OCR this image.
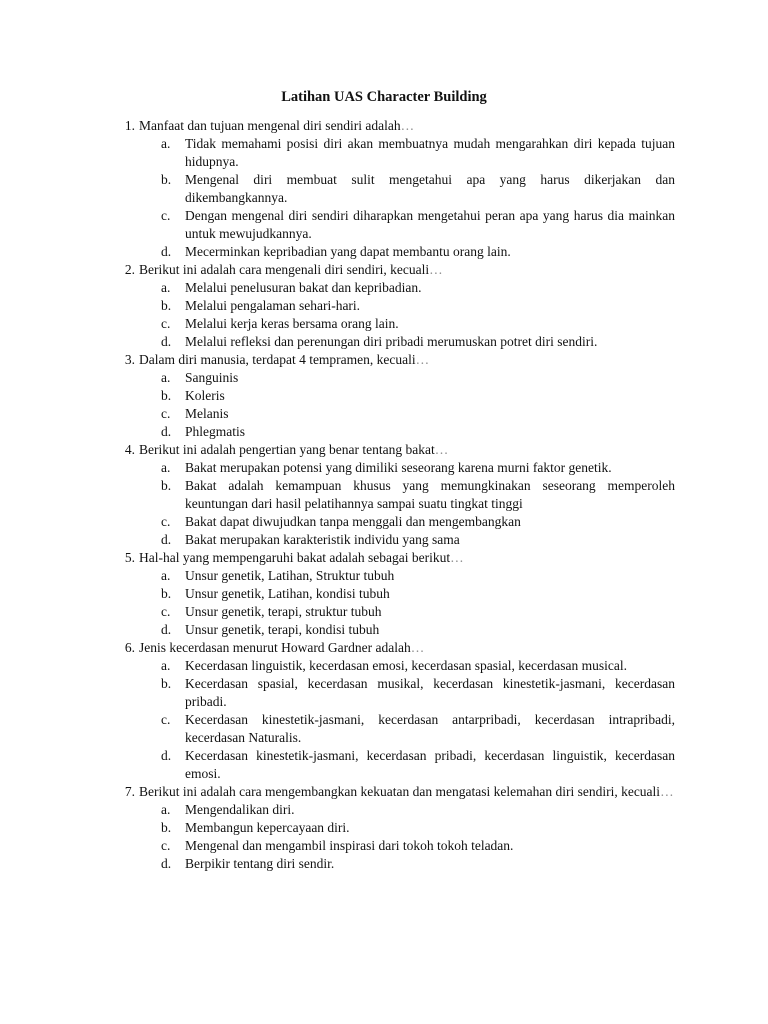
Latihan UAS Character Building
1. Manfaat dan tujuan mengenal diri sendiri adalah…
a.	Tidak memahami posisi diri akan membuatnya mudah mengarahkan diri kepada tujuan hidupnya.
b.	Mengenal diri membuat sulit mengetahui apa yang harus dikerjakan dan dikembangkannya.
c.	Dengan mengenal diri sendiri diharapkan mengetahui peran apa yang harus dia mainkan untuk mewujudkannya.
d.	Mecerminkan kepribadian yang dapat membantu orang lain.
2. Berikut ini adalah cara mengenali diri sendiri, kecuali…
a.	Melalui penelusuran bakat dan kepribadian.
b.	Melalui pengalaman sehari-hari.
c.	Melalui kerja keras bersama orang lain.
d.	Melalui refleksi dan perenungan diri pribadi merumuskan potret diri sendiri.
3. Dalam diri manusia, terdapat 4 tempramen, kecuali…
a.	Sanguinis
b.	Koleris
c.	Melanis
d.	Phlegmatis
4. Berikut ini adalah pengertian yang benar tentang bakat…
a.	Bakat merupakan potensi yang dimiliki seseorang karena murni faktor genetik.
b.	Bakat adalah kemampuan khusus yang memungkinakan seseorang memperoleh keuntungan dari hasil pelatihannya sampai suatu tingkat tinggi
c.	Bakat dapat diwujudkan tanpa menggali dan mengembangkan
d.	Bakat merupakan karakteristik individu yang sama
5. Hal-hal yang mempengaruhi bakat adalah sebagai berikut…
a.	Unsur genetik, Latihan, Struktur tubuh
b.	Unsur genetik, Latihan, kondisi tubuh
c.	Unsur genetik, terapi, struktur tubuh
d.	Unsur genetik, terapi, kondisi tubuh
6. Jenis kecerdasan menurut Howard Gardner adalah…
a.	Kecerdasan linguistik, kecerdasan emosi, kecerdasan spasial, kecerdasan musical.
b.	Kecerdasan spasial, kecerdasan musikal, kecerdasan kinestetik-jasmani, kecerdasan pribadi.
c.	Kecerdasan kinestetik-jasmani, kecerdasan antarpribadi, kecerdasan intrapribadi, kecerdasan Naturalis.
d.	Kecerdasan kinestetik-jasmani, kecerdasan pribadi, kecerdasan linguistik, kecerdasan emosi.
7. Berikut ini adalah cara mengembangkan kekuatan dan mengatasi kelemahan diri sendiri, kecuali…
a.	Mengendalikan diri.
b.	Membangun kepercayaan diri.
c.	Mengenal dan mengambil inspirasi dari tokoh tokoh teladan.
d.	Berpikir tentang diri sendir.
